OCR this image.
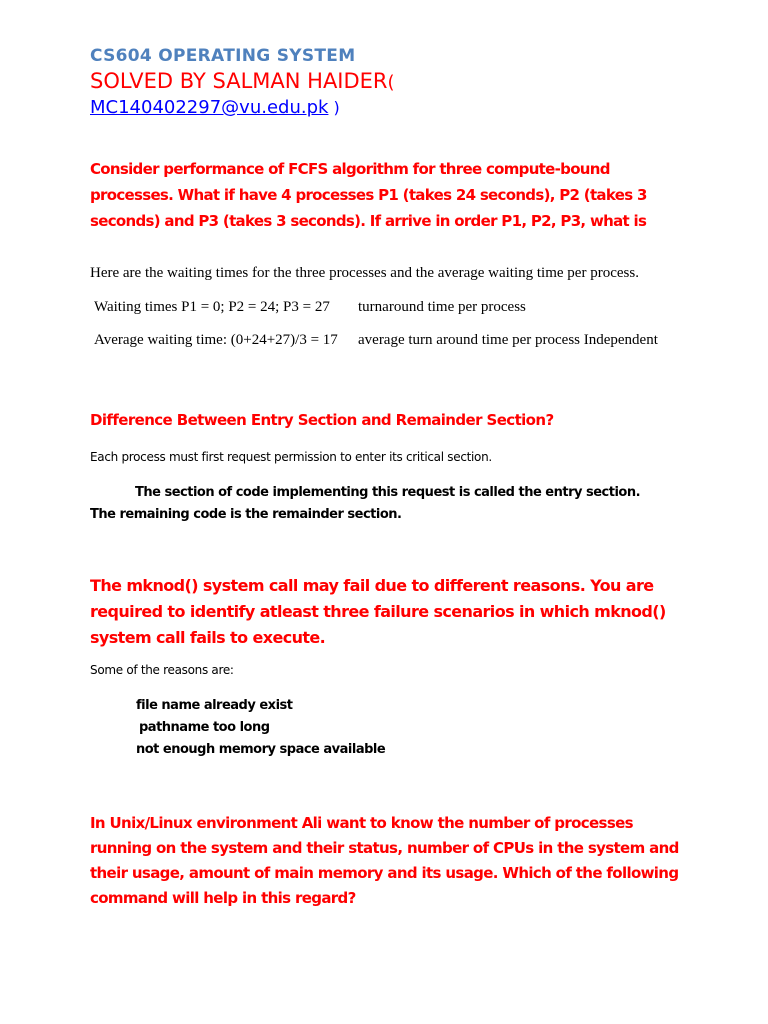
CS604 OPERATING SYSTEM

SOLVED BY SALMAN HAIDER(

MC140402297@vu.edu.pk )

Consider performance of FCFS algorithm for three compute-bound processes. What if have 4 processes P1 (takes 24 seconds), P2 (takes 3 seconds) and P3 (takes 3 seconds). If arrive in order P1, P2, P3, what is

Here are the waiting times for the three processes and the average waiting time per process.

Waiting times P1 = 0; P2 = 24; P3 = 27 turnaround time per process
Average waiting time: (0+24+27)/3 = 17 average turn around time per process Independent

Difference Between Entry Section and Remainder Section?

Each process must first request permission to enter its critical section.

The section of code implementing this request is called the entry section. The remaining code is the remainder section.

The mknod() system call may fail due to different reasons. You are required to identify atleast three failure scenarios in which mknod() system call fails to execute.

Some of the reasons are:

file name already exist
pathname too long
not enough memory space available

In Unix/Linux environment Ali want to know the number of processes running on the system and their status, number of CPUs in the system and their usage, amount of main memory and its usage. Which of the following command will help in this regard?
